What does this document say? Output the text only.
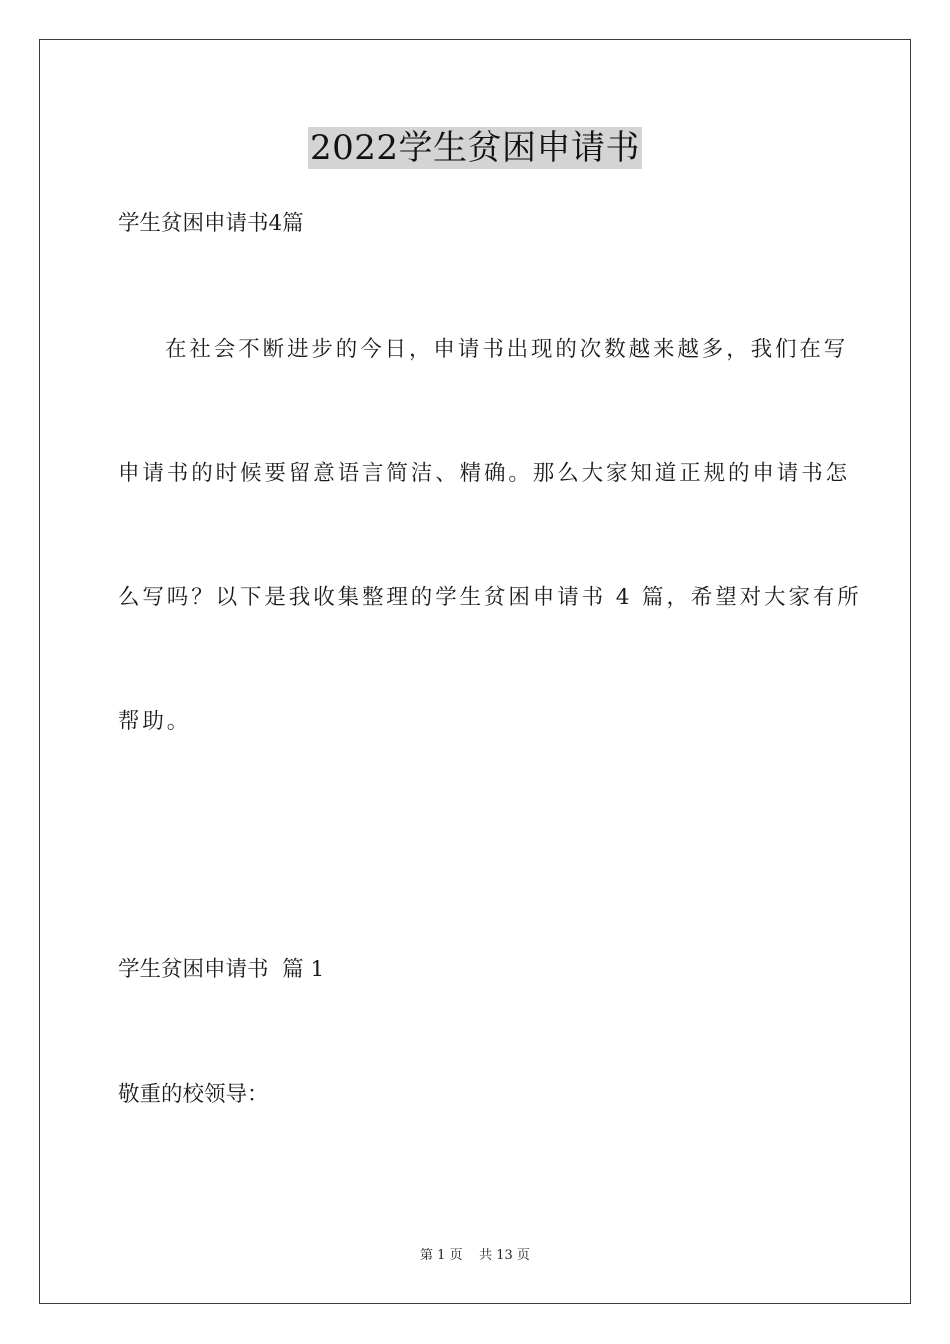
2022学生贫困申请书
学生贫困申请书4篇
在社会不断进步的今日，申请书出现的次数越来越多，我们在写
申请书的时候要留意语言简洁、精确。那么大家知道正规的申请书怎
么写吗？以下是我收集整理的学生贫困申请书 4 篇，希望对大家有所
帮助。
学生贫困申请书  篇 1
敬重的校领导：
第 1 页 共 13 页
